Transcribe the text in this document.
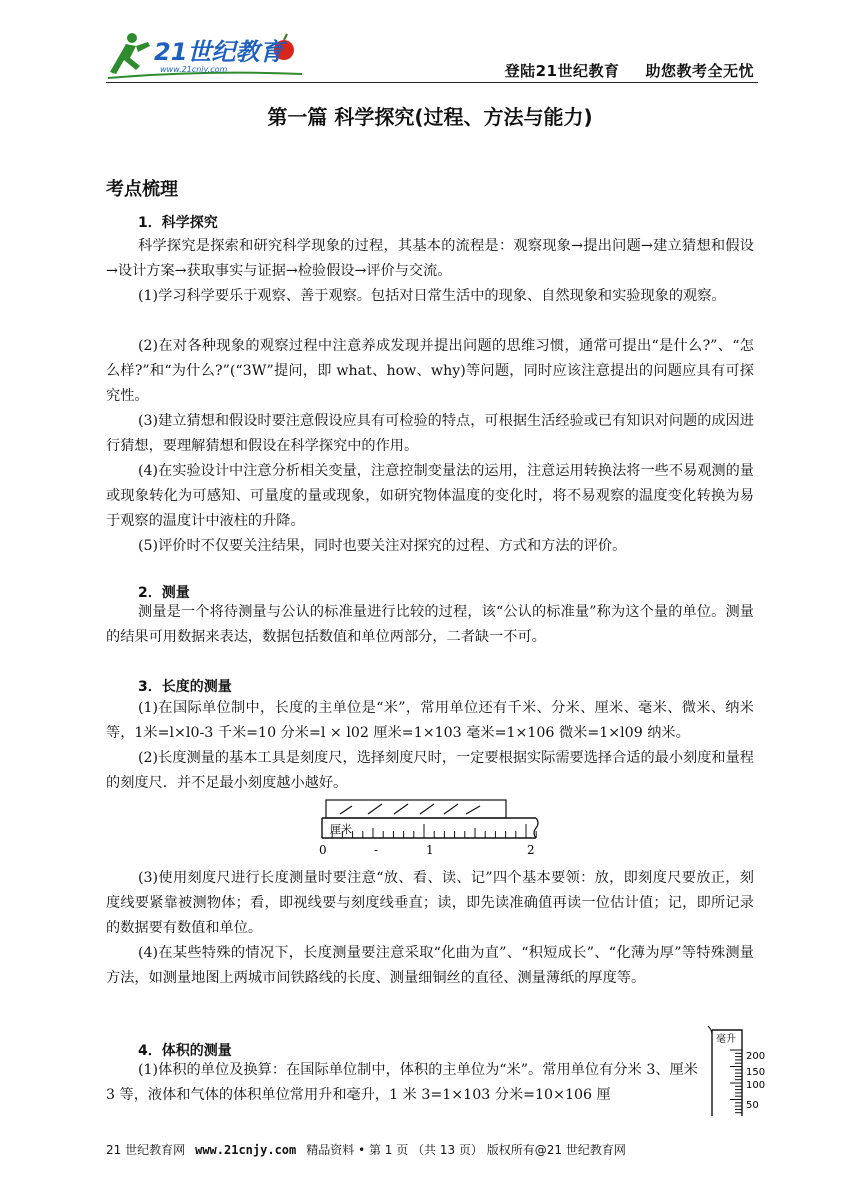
21世纪教育
www.21cnjy.com	登陆21世纪教育 助您教考全无忧
第一篇 科学探究(过程、方法与能力)
考点梳理
1．科学探究
科学探究是探索和研究科学现象的过程，其基本的流程是：观察现象→提出问题→建立猜想和假设→设计方案→获取事实与证据→检验假设→评价与交流。
(1)学习科学要乐于观察、善于观察。包括对日常生活中的现象、自然现象和实验现象的观察。
(2)在对各种现象的观察过程中注意养成发现并提出问题的思维习惯，通常可提出“是什么?”、“怎么样?”和“为什么?”(“3W”提问，即 what、how、why)等问题，同时应该注意提出的问题应具有可探究性。
(3)建立猜想和假设时要注意假设应具有可检验的特点，可根据生活经验或已有知识对问题的成因进行猜想，要理解猜想和假设在科学探究中的作用。
(4)在实验设计中注意分析相关变量，注意控制变量法的运用，注意运用转换法将一些不易观测的量或现象转化为可感知、可量度的量或现象，如研究物体温度的变化时，将不易观察的温度变化转换为易于观察的温度计中液柱的升降。
(5)评价时不仅要关注结果，同时也要关注对探究的过程、方式和方法的评价。
2．测量
测量是一个将待测量与公认的标准量进行比较的过程，该“公认的标准量”称为这个量的单位。测量的结果可用数据来表达，数据包括数值和单位两部分，二者缺一不可。
3．长度的测量
(1)在国际单位制中，长度的主单位是“米”，常用单位还有千米、分米、厘米、毫米、微米、纳米等，1米=l×l0-3 千米=10 分米=l × l02 厘米=1×103 毫米=1×106 微米=1×l09 纳米。
(2)长度测量的基本工具是刻度尺，选择刻度尺时，一定要根据实际需要选择合适的最小刻度和量程的刻度尺．并不足最小刻度越小越好。
厘米
0	-	1	2
(3)使用刻度尺进行长度测量时要注意“放、看、读、记”四个基本要领：放，即刻度尺要放正，刻度线要紧靠被测物体；看，即视线要与刻度线垂直；读，即先读准确值再读一位估计值；记，即所记录的数据要有数值和单位。
(4)在某些特殊的情况下，长度测量要注意采取“化曲为直”、“积短成长”、“化薄为厚”等特殊测量方法，如测量地图上两城市间铁路线的长度、测量细铜丝的直径、测量薄纸的厚度等。
4．体积的测量
(1)体积的单位及换算：在国际单位制中，体积的主单位为“米”。常用单位有分米 3、厘米 3 等，液体和气体的体积单位常用升和毫升，1 米 3=1×103 分米=10×106 厘
毫升
200
150
100
50
21 世纪教育网 www.21cnjy.com 精品资料 • 第 1 页 （共 13 页） 版权所有@21 世纪教育网
